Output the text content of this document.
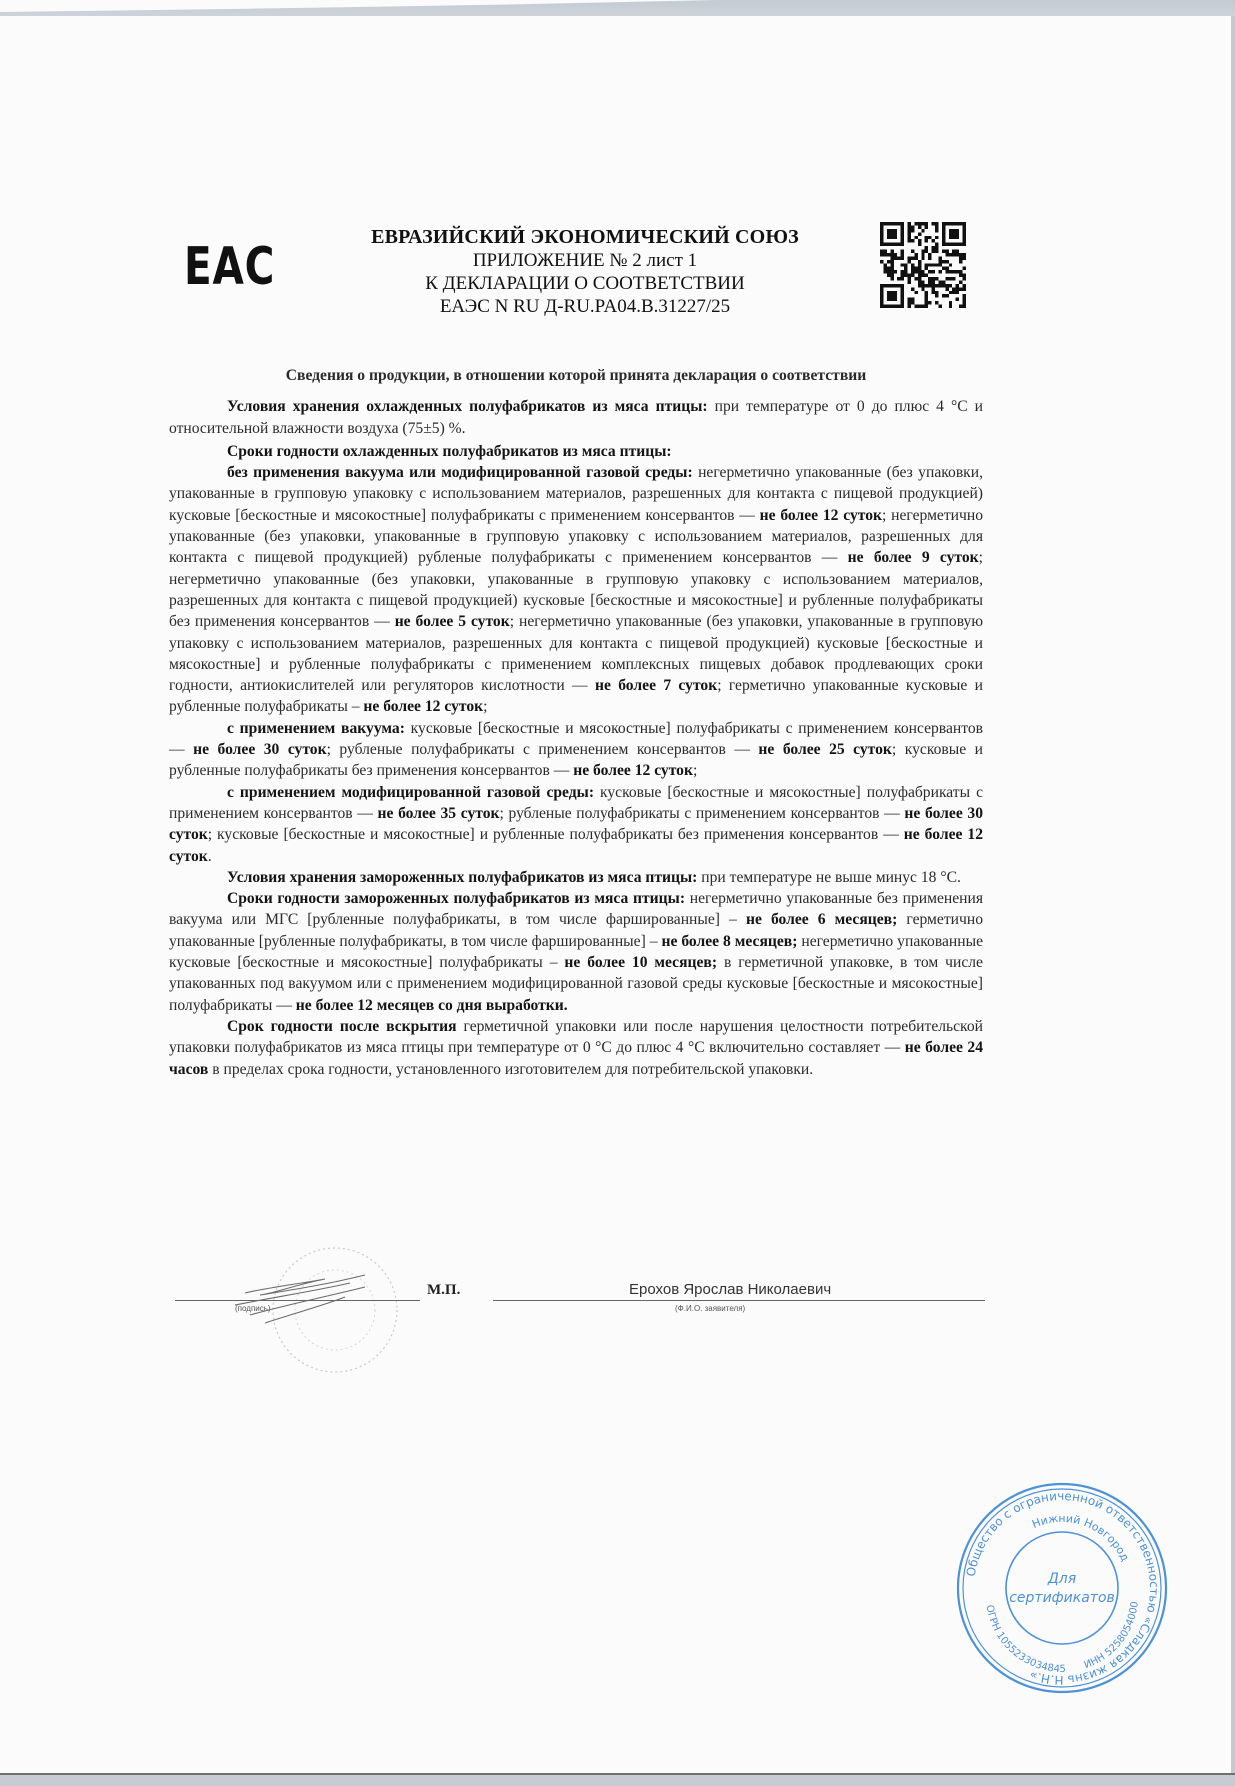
EAC	ЕВРАЗИЙСКИЙ ЭКОНОМИЧЕСКИЙ СОЮЗ
ПРИЛОЖЕНИЕ № 2 лист 1
К ДЕКЛАРАЦИИ О СООТВЕТСТВИИ
ЕАЭС N RU Д-RU.PA04.B.31227/25

Сведения о продукции, в отношении которой принята декларация о соответствии

Условия хранения охлажденных полуфабрикатов из мяса птицы: при температуре от 0 до плюс 4 °С и относительной влажности воздуха (75±5) %.

Сроки годности охлажденных полуфабрикатов из мяса птицы:

без применения вакуума или модифицированной газовой среды: негерметично упакованные (без упаковки, упакованные в групповую упаковку с использованием материалов, разрешенных для контакта с пищевой продукцией) кусковые [бескостные и мясокостные] полуфабрикаты с применением консервантов — не более 12 суток; негерметично упакованные (без упаковки, упакованные в групповую упаковку с использованием материалов, разрешенных для контакта с пищевой продукцией) рубленые полуфабрикаты с применением консервантов — не более 9 суток; негерметично упакованные (без упаковки, упакованные в групповую упаковку с использованием материалов, разрешенных для контакта с пищевой продукцией) кусковые [бескостные и мясокостные] и рубленные полуфабрикаты без применения консервантов — не более 5 суток; негерметично упакованные (без упаковки, упакованные в групповую упаковку с использованием материалов, разрешенных для контакта с пищевой продукцией) кусковые [бескостные и мясокостные] и рубленные полуфабрикаты с применением комплексных пищевых добавок продлевающих сроки годности, антиокислителей или регуляторов кислотности — не более 7 суток; герметично упакованные кусковые и рубленные полуфабрикаты – не более 12 суток;

с применением вакуума: кусковые [бескостные и мясокостные] полуфабрикаты с применением консервантов — не более 30 суток; рубленые полуфабрикаты с применением консервантов — не более 25 суток; кусковые и рубленные полуфабрикаты без применения консервантов — не более 12 суток;

с применением модифицированной газовой среды: кусковые [бескостные и мясокостные] полуфабрикаты с применением консервантов — не более 35 суток; рубленые полуфабрикаты с применением консервантов — не более 30 суток; кусковые [бескостные и мясокостные] и рубленные полуфабрикаты без применения консервантов — не более 12 суток.

Условия хранения замороженных полуфабрикатов из мяса птицы: при температуре не выше минус 18 °С.

Сроки годности замороженных полуфабрикатов из мяса птицы: негерметично упакованные без применения вакуума или МГС [рубленные полуфабрикаты, в том числе фаршированные] – не более 6 месяцев; герметично упакованные [рубленные полуфабрикаты, в том числе фаршированные] – не более 8 месяцев; негерметично упакованные кусковые [бескостные и мясокостные] полуфабрикаты – не более 10 месяцев; в герметичной упаковке, в том числе упакованных под вакуумом или с применением модифицированной газовой среды кусковые [бескостные и мясокостные] полуфабрикаты — не более 12 месяцев со дня выработки.

Срок годности после вскрытия герметичной упаковки или после нарушения целостности потребительской упаковки полуфабрикатов из мяса птицы при температуре от 0 °С до плюс 4 °С включительно составляет — не более 24 часов в пределах срока годности, установленного изготовителем для потребительской упаковки.

(подпись)
М.П.	Ерохов Ярослав Николаевич
(Ф.И.О. заявителя)
Общество с ограниченной ответственностью «Сладкая жизнь Н.Н.»
Нижний Новгород
ОГРН 1055233034845 ИНН 5258054000
Для
сертификатов
